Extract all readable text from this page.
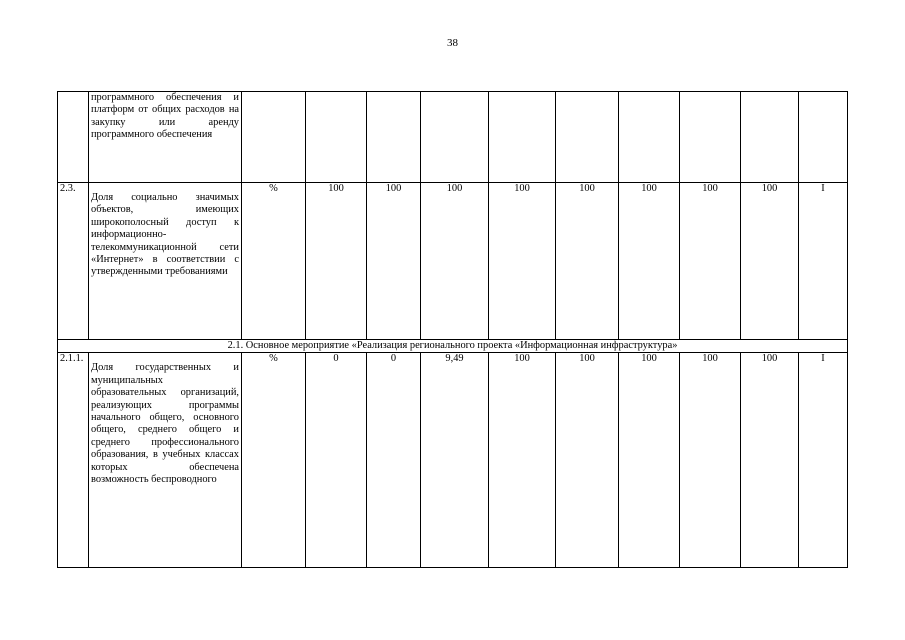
38
	программного обеспечения и платформ от общих расходов на закупку или аренду программного обеспечения										
2.3.	Доля социально значимых объектов, имеющих широкополосный доступ к информационно-телекоммуникационной сети «Интернет» в соответствии с утвержденными требованиями	%	100	100	100	100	100	100	100	100	I
2.1. Основное мероприятие «Реализация регионального проекта «Информационная инфраструктура»											
2.1.1.	Доля государственных и муниципальных образовательных организаций, реализующих программы начального общего, основного общего, среднего общего и среднего профессионального образования, в учебных классах которых обеспечена возможность беспроводного	%	0	0	9,49	100	100	100	100	100	I
